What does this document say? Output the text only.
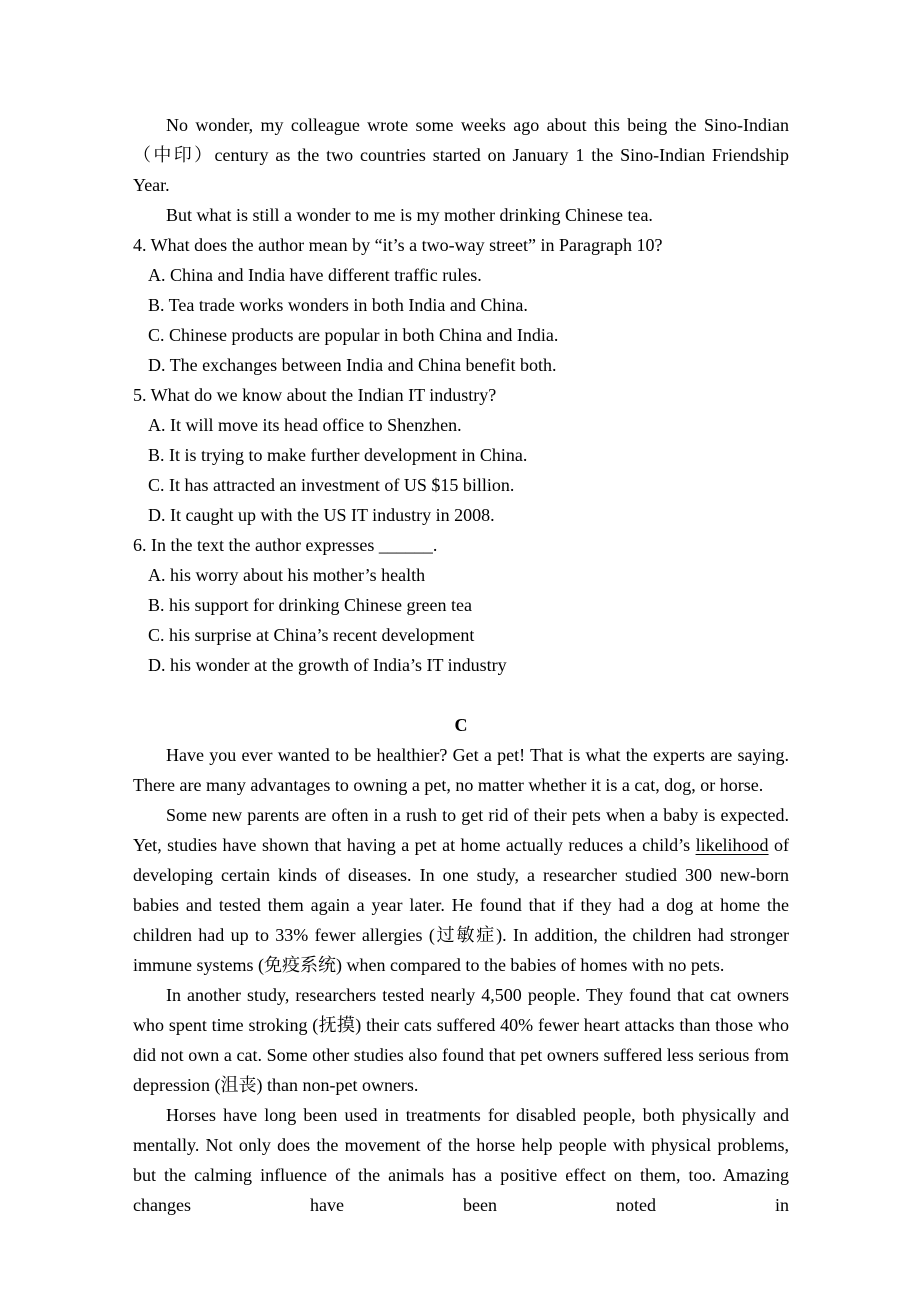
No wonder, my colleague wrote some weeks ago about this being the Sino-Indian（中印）century as the two countries started on January 1 the Sino-Indian Friendship Year.

But what is still a wonder to me is my mother drinking Chinese tea.

4. What does the author mean by “it’s a two-way street” in Paragraph 10?

A. China and India have different traffic rules.

B. Tea trade works wonders in both India and China.

C. Chinese products are popular in both China and India.

D. The exchanges between India and China benefit both.

5. What do we know about the Indian IT industry?

A. It will move its head office to Shenzhen.

B. It is trying to make further development in China.

C. It has attracted an investment of US $15 billion.

D. It caught up with the US IT industry in 2008.

6. In the text the author expresses ______.

A. his worry about his mother’s health

B. his support for drinking Chinese green tea

C. his surprise at China’s recent development

D. his wonder at the growth of India’s IT industry

C

Have you ever wanted to be healthier? Get a pet! That is what the experts are saying. There are many advantages to owning a pet, no matter whether it is a cat, dog, or horse.

Some new parents are often in a rush to get rid of their pets when a baby is expected. Yet, studies have shown that having a pet at home actually reduces a child’s likelihood of developing certain kinds of diseases. In one study, a researcher studied 300 new-born babies and tested them again a year later. He found that if they had a dog at home the children had up to 33% fewer allergies (过敏症). In addition, the children had stronger immune systems (免疫系统) when compared to the babies of homes with no pets.

In another study, researchers tested nearly 4,500 people. They found that cat owners who spent time stroking (抚摸) their cats suffered 40% fewer heart attacks than those who did not own a cat. Some other studies also found that pet owners suffered less serious from depression (沮丧) than non-pet owners.

Horses have long been used in treatments for disabled people, both physically and mentally. Not only does the movement of the horse help people with physical problems, but the calming influence of the animals has a positive effect on them, too. Amazing changes have been noted in
